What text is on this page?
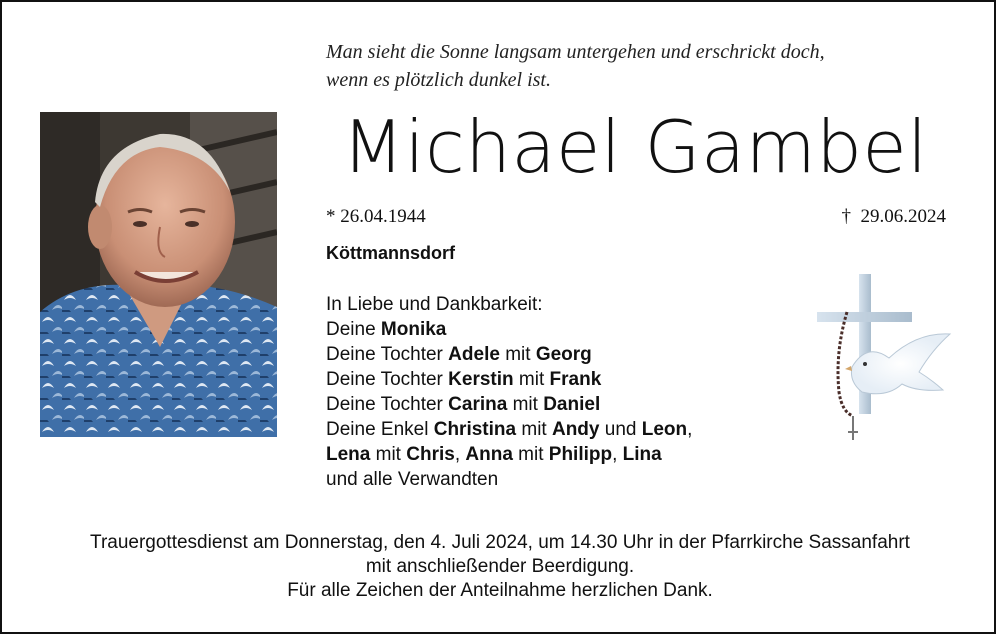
Man sieht die Sonne langsam untergehen und erschrickt doch,
wenn es plötzlich dunkel ist.
Michael Gambel
* 26.04.1944	† 29.06.2024
Köttmannsdorf
In Liebe und Dankbarkeit:
Deine Monika
Deine Tochter Adele mit Georg
Deine Tochter Kerstin mit Frank
Deine Tochter Carina mit Daniel
Deine Enkel Christina mit Andy und Leon,
Lena mit Chris, Anna mit Philipp, Lina
und alle Verwandten
Trauergottesdienst am Donnerstag, den 4. Juli 2024, um 14.30 Uhr in der Pfarrkirche Sassanfahrt
mit anschließender Beerdigung.
Für alle Zeichen der Anteilnahme herzlichen Dank.
